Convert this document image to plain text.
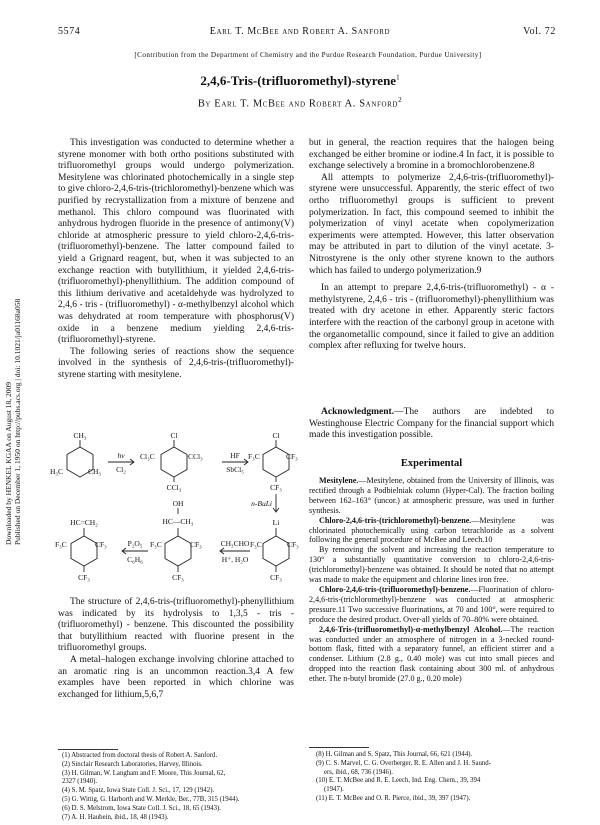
5574	Earl T. McBee and Robert A. Sanford	Vol. 72
[Contribution from the Department of Chemistry and the Purdue Research Foundation, Purdue University]
2,4,6-Tris-(trifluoromethyl)-styrene$^1$
By Earl T. McBee and Robert A. Sanford$^2$
Downloaded by HENKEL KGAA on August 18, 2009 Published on December 1, 1950 on http://pubs.acs.org | doi: 10.1021/ja01168a058

This investigation was conducted to determine whether a styrene monomer with both ortho positions substituted with trifluoromethyl groups would undergo polymerization. Mesitylene was chlorinated photochemically in a single step to give chloro-2,4,6-tris-(trichloromethyl)-benzene which was purified by recrystallization from a mixture of benzene and methanol. This chloro compound was fluorinated with anhydrous hydrogen fluoride in the presence of antimony(V) chloride at atmospheric pressure to yield chloro-2,4,6-tris-(trifluoromethyl)-benzene. The latter compound failed to yield a Grignard reagent, but, when it was subjected to an exchange reaction with butyllithium, it yielded 2,4,6-tris-(trifluoromethyl)-phenyllithium. The addition compound of this lithium derivative and acetaldehyde was hydrolyzed to 2,4,6 - tris - (trifluoromethyl) - α-methylbenzyl alcohol which was dehydrated at room temperature with phosphorus(V) oxide in a benzene medium yielding 2,4,6-tris-(trifluoromethyl)-styrene.

The following series of reactions show the sequence involved in the synthesis of 2,4,6-tris-(trifluoromethyl)-styrene starting with mesitylene.

CH₃
H₃C	CH₃
hν
Cl₂
Cl
Cl₃C	CCl₃
CCl₃
HF
SbCl₅
Cl
F₃C	CF₃
CF₃
n-BuLi
Li
F₃C	CF₃
CF₃
CH₃CHO
H⁺, H₂O
OH
HC—CH₃
F₃C	CF₃
CF₃
P₂O₅
C₆H₆
HC=CH₂
F₃C	CF₃
CF₃

The structure of 2,4,6-tris-(trifluoromethyl)-phenyllithium was indicated by its hydrolysis to 1,3,5 - tris - (trifluoromethyl) - benzene. This discounted the possibility that butyllithium reacted with fluorine present in the trifluoromethyl groups.

A metal–halogen exchange involving chlorine attached to an aromatic ring is an uncommon reaction.3,4 A few examples have been reported in which chlorine was exchanged for lithium,5,6,7

(1) Abstracted from doctoral thesis of Robert A. Sanford.
(2) Sinclair Research Laboratories, Harvey, Illinois.
(3) H. Gilman, W. Langham and F. Moore, This Journal, 62,
2327 (1940).
(4) S. M. Spatz, Iowa State Coll. J. Sci., 17, 129 (1942).
(5) G. Wittig, G. Harborth and W. Merkle, Ber., 77B, 315 (1944).
(6) D. S. Melstrom, Iowa State Coll. J. Sci., 18, 65 (1943).
(7) A. H. Haubein, ibid., 18, 48 (1943).

but in general, the reaction requires that the halogen being exchanged be either bromine or iodine.4 In fact, it is possible to exchange selectively a bromine in a bromochlorobenzene.8

All attempts to polymerize 2,4,6-tris-(trifluoromethyl)-styrene were unsuccessful. Apparently, the steric effect of two ortho trifluoromethyl groups is sufficient to prevent polymerization. In fact, this compound seemed to inhibit the polymerization of vinyl acetate when copolymerization experiments were attempted. However, this latter observation may be attributed in part to dilution of the vinyl acetate. 3-Nitrostyrene is the only other styrene known to the authors which has failed to undergo polymerization.9

In an attempt to prepare 2,4,6-tris-(trifluoromethyl) - α - methylstyrene, 2,4,6 - tris - (trifluoromethyl)-phenyllithium was treated with dry acetone in ether. Apparently steric factors interfere with the reaction of the carbonyl group in acetone with the organometallic compound, since it failed to give an addition complex after refluxing for twelve hours.

Acknowledgment.—The authors are indebted to Westinghouse Electric Company for the financial support which made this investigation possible.
Experimental

Mesitylene.—Mesitylene, obtained from the University of Illinois, was rectified through a Podbielniak column (Hyper-Cal). The fraction boiling between 162–163° (uncor.) at atmospheric pressure, was used in further synthesis.

Chloro-2,4,6-tris-(trichloromethyl)-benzene.—Mesitylene was chlorinated photochemically using carbon tetrachloride as a solvent following the general procedure of McBee and Leech.10

By removing the solvent and increasing the reaction temperature to 130° a substantially quantitative conversion to chloro-2,4,6-tris-(trichloromethyl)-benzene was obtained. It should be noted that no attempt was made to make the equipment and chlorine lines iron free.

Chloro-2,4,6-tris-(trifluoromethyl)-benzene.—Fluorination of chloro-2,4,6-tris-(trichloromethyl)-benzene was conducted at atmospheric pressure.11 Two successive fluorinations, at 70 and 100°, were required to produce the desired product. Over-all yields of 70–80% were obtained.

2,4,6-Tris-(trifluoromethyl)-α-methylbenzyl Alcohol.—The reaction was conducted under an atmosphere of nitrogen in a 3-necked round-bottom flask, fitted with a separatory funnel, an efficient stirrer and a condenser. Lithium (2.8 g., 0.40 mole) was cut into small pieces and dropped into the reaction flask containing about 300 ml. of anhydrous ether. The n-butyl bromide (27.0 g., 0.20 mole)

(8) H. Gilman and S. Spatz, This Journal, 66, 621 (1944).
(9) C. S. Marvel, C. G. Overberger, R. E. Allen and J. H. Saund-
ers, ibid., 68, 736 (1946).
(10) E. T. McBee and R. E. Leech, Ind. Eng. Chem., 39, 394
(1947).
(11) E. T. McBee and O. R. Pierce, ibid., 39, 397 (1947).
